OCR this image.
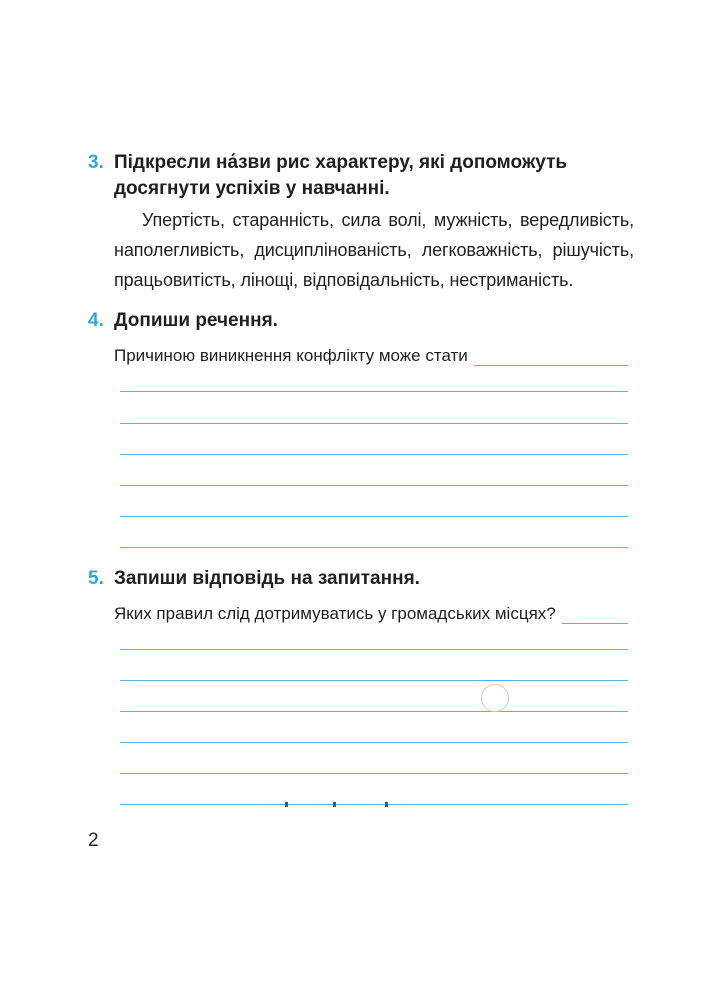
3. Підкресли на́зви рис характеру, які допоможуть досягнути успіхів у навчанні.

Упертість, старанність, сила волі, мужність, вередливість, наполегливість, дисциплінованість, легковажність, рішучість, працьовитість, лінощі, відповідальність, нестриманість.

4. Допиши речення.
Причиною виникнення конфлікту може стати
5. Запиши відповідь на запитання.
Яких правил слід дотримуватись у громадських місцях?
2
